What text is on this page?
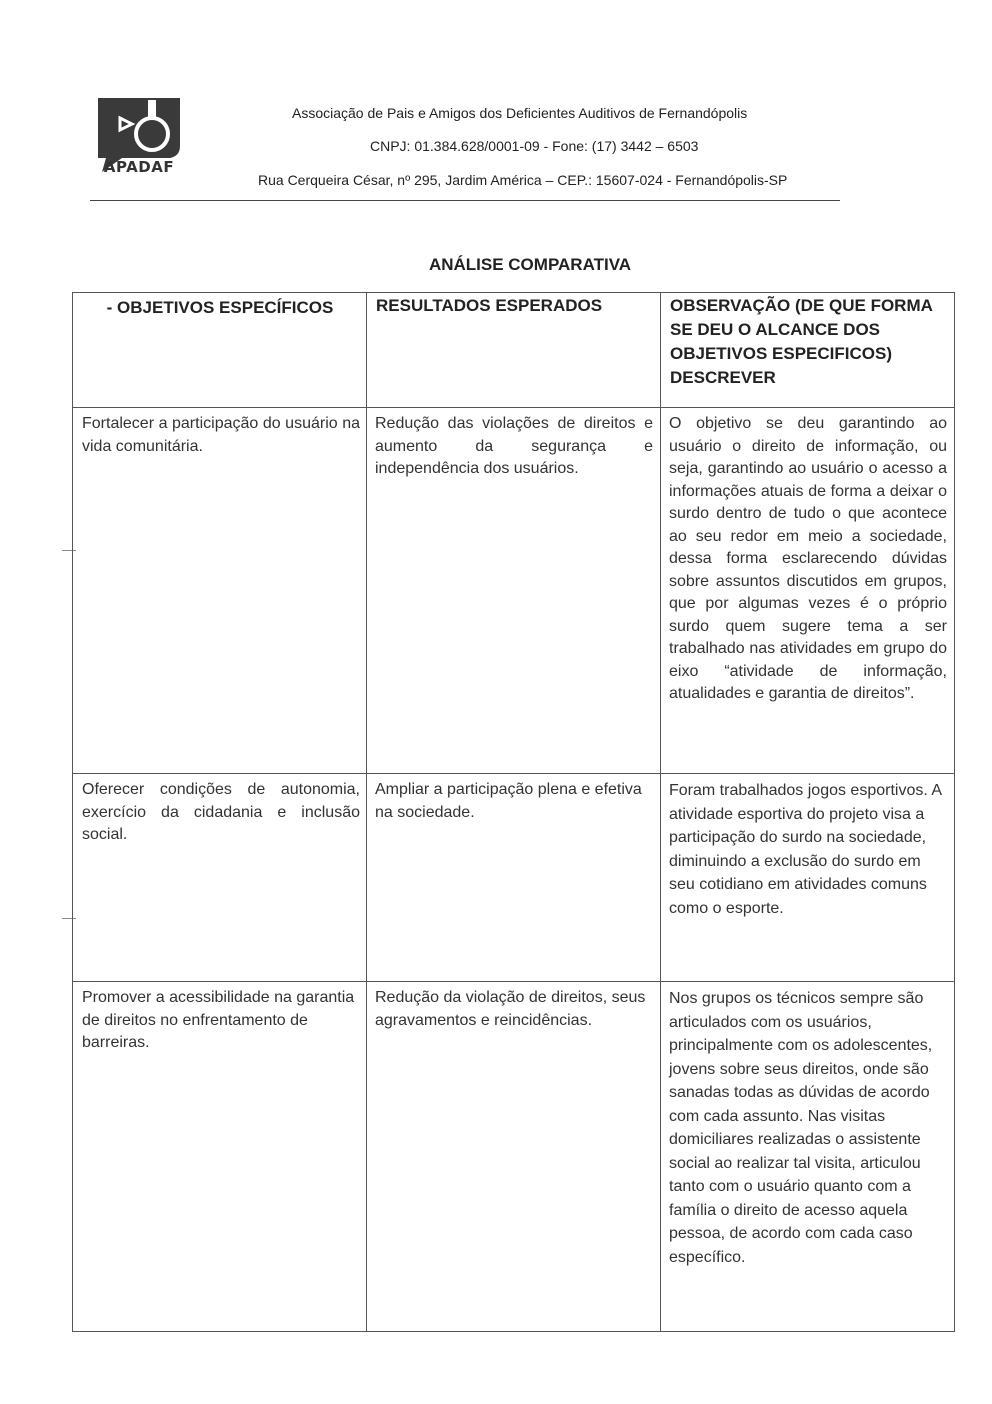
APADAF
Associação de Pais e Amigos dos Deficientes Auditivos de Fernandópolis
CNPJ: 01.384.628/0001-09 - Fone: (17) 3442 – 6503
Rua Cerqueira César, nº 295, Jardim América – CEP.: 15607-024 - Fernandópolis-SP
ANÁLISE COMPARATIVA
- OBJETIVOS ESPECÍFICOS	RESULTADOS ESPERADOS	OBSERVAÇÃO (DE QUE FORMA SE DEU O ALCANCE DOS OBJETIVOS ESPECIFICOS) DESCREVER
Fortalecer a participação do usuário na vida comunitária.	Redução das violações de direitos e aumento da segurança e independência dos usuários.	O objetivo se deu garantindo ao usuário o direito de informação, ou seja, garantindo ao usuário o acesso a informações atuais de forma a deixar o surdo dentro de tudo o que acontece ao seu redor em meio a sociedade, dessa forma esclarecendo dúvidas sobre assuntos discutidos em grupos, que por algumas vezes é o próprio surdo quem sugere tema a ser trabalhado nas atividades em grupo do eixo “atividade de informação, atualidades e garantia de direitos”.
Oferecer condições de autonomia, exercício da cidadania e inclusão social.	Ampliar a participação plena e efetiva na sociedade.	Foram trabalhados jogos esportivos. A atividade esportiva do projeto visa a participação do surdo na sociedade, diminuindo a exclusão do surdo em seu cotidiano em atividades comuns como o esporte.
Promover a acessibilidade na garantia de direitos no enfrentamento de barreiras.	Redução da violação de direitos, seus agravamentos e reincidências.	Nos grupos os técnicos sempre são articulados com os usuários, principalmente com os adolescentes, jovens sobre seus direitos, onde são sanadas todas as dúvidas de acordo com cada assunto. Nas visitas domiciliares realizadas o assistente social ao realizar tal visita, articulou tanto com o usuário quanto com a família o direito de acesso aquela pessoa, de acordo com cada caso específico.
